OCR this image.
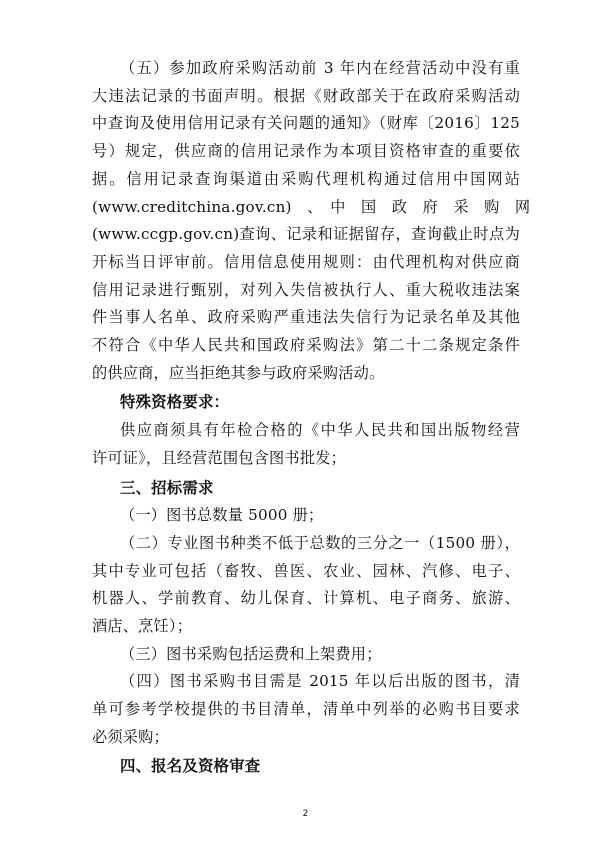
（五）参加政府采购活动前 3 年内在经营活动中没有重
大违法记录的书面声明。根据《财政部关于在政府采购活动
中查询及使用信用记录有关问题的通知》（财库〔2016〕125
号）规定，供应商的信用记录作为本项目资格审查的重要依
据。信用记录查询渠道由采购代理机构通过信用中国网站
(www.creditchina.gov.cn)　、　中　国　政　府　采　购　网
(www.ccgp.gov.cn)查询、记录和证据留存，查询截止时点为
开标当日评审前。信用信息使用规则：由代理机构对供应商
信用记录进行甄别，对列入失信被执行人、重大税收违法案
件当事人名单、政府采购严重违法失信行为记录名单及其他
不符合《中华人民共和国政府采购法》第二十二条规定条件
的供应商，应当拒绝其参与政府采购活动。
特殊资格要求：
供应商须具有年检合格的《中华人民共和国出版物经营
许可证》，且经营范围包含图书批发；
三、招标需求
（一）图书总数量 5000 册；
（二）专业图书种类不低于总数的三分之一（1500 册），
其中专业可包括（畜牧、兽医、农业、园林、汽修、电子、
机器人、学前教育、幼儿保育、计算机、电子商务、旅游、
酒店、烹饪）；
（三）图书采购包括运费和上架费用；
（四）图书采购书目需是 2015 年以后出版的图书，清
单可参考学校提供的书目清单，清单中列举的必购书目要求
必须采购；
四、报名及资格审查
2
